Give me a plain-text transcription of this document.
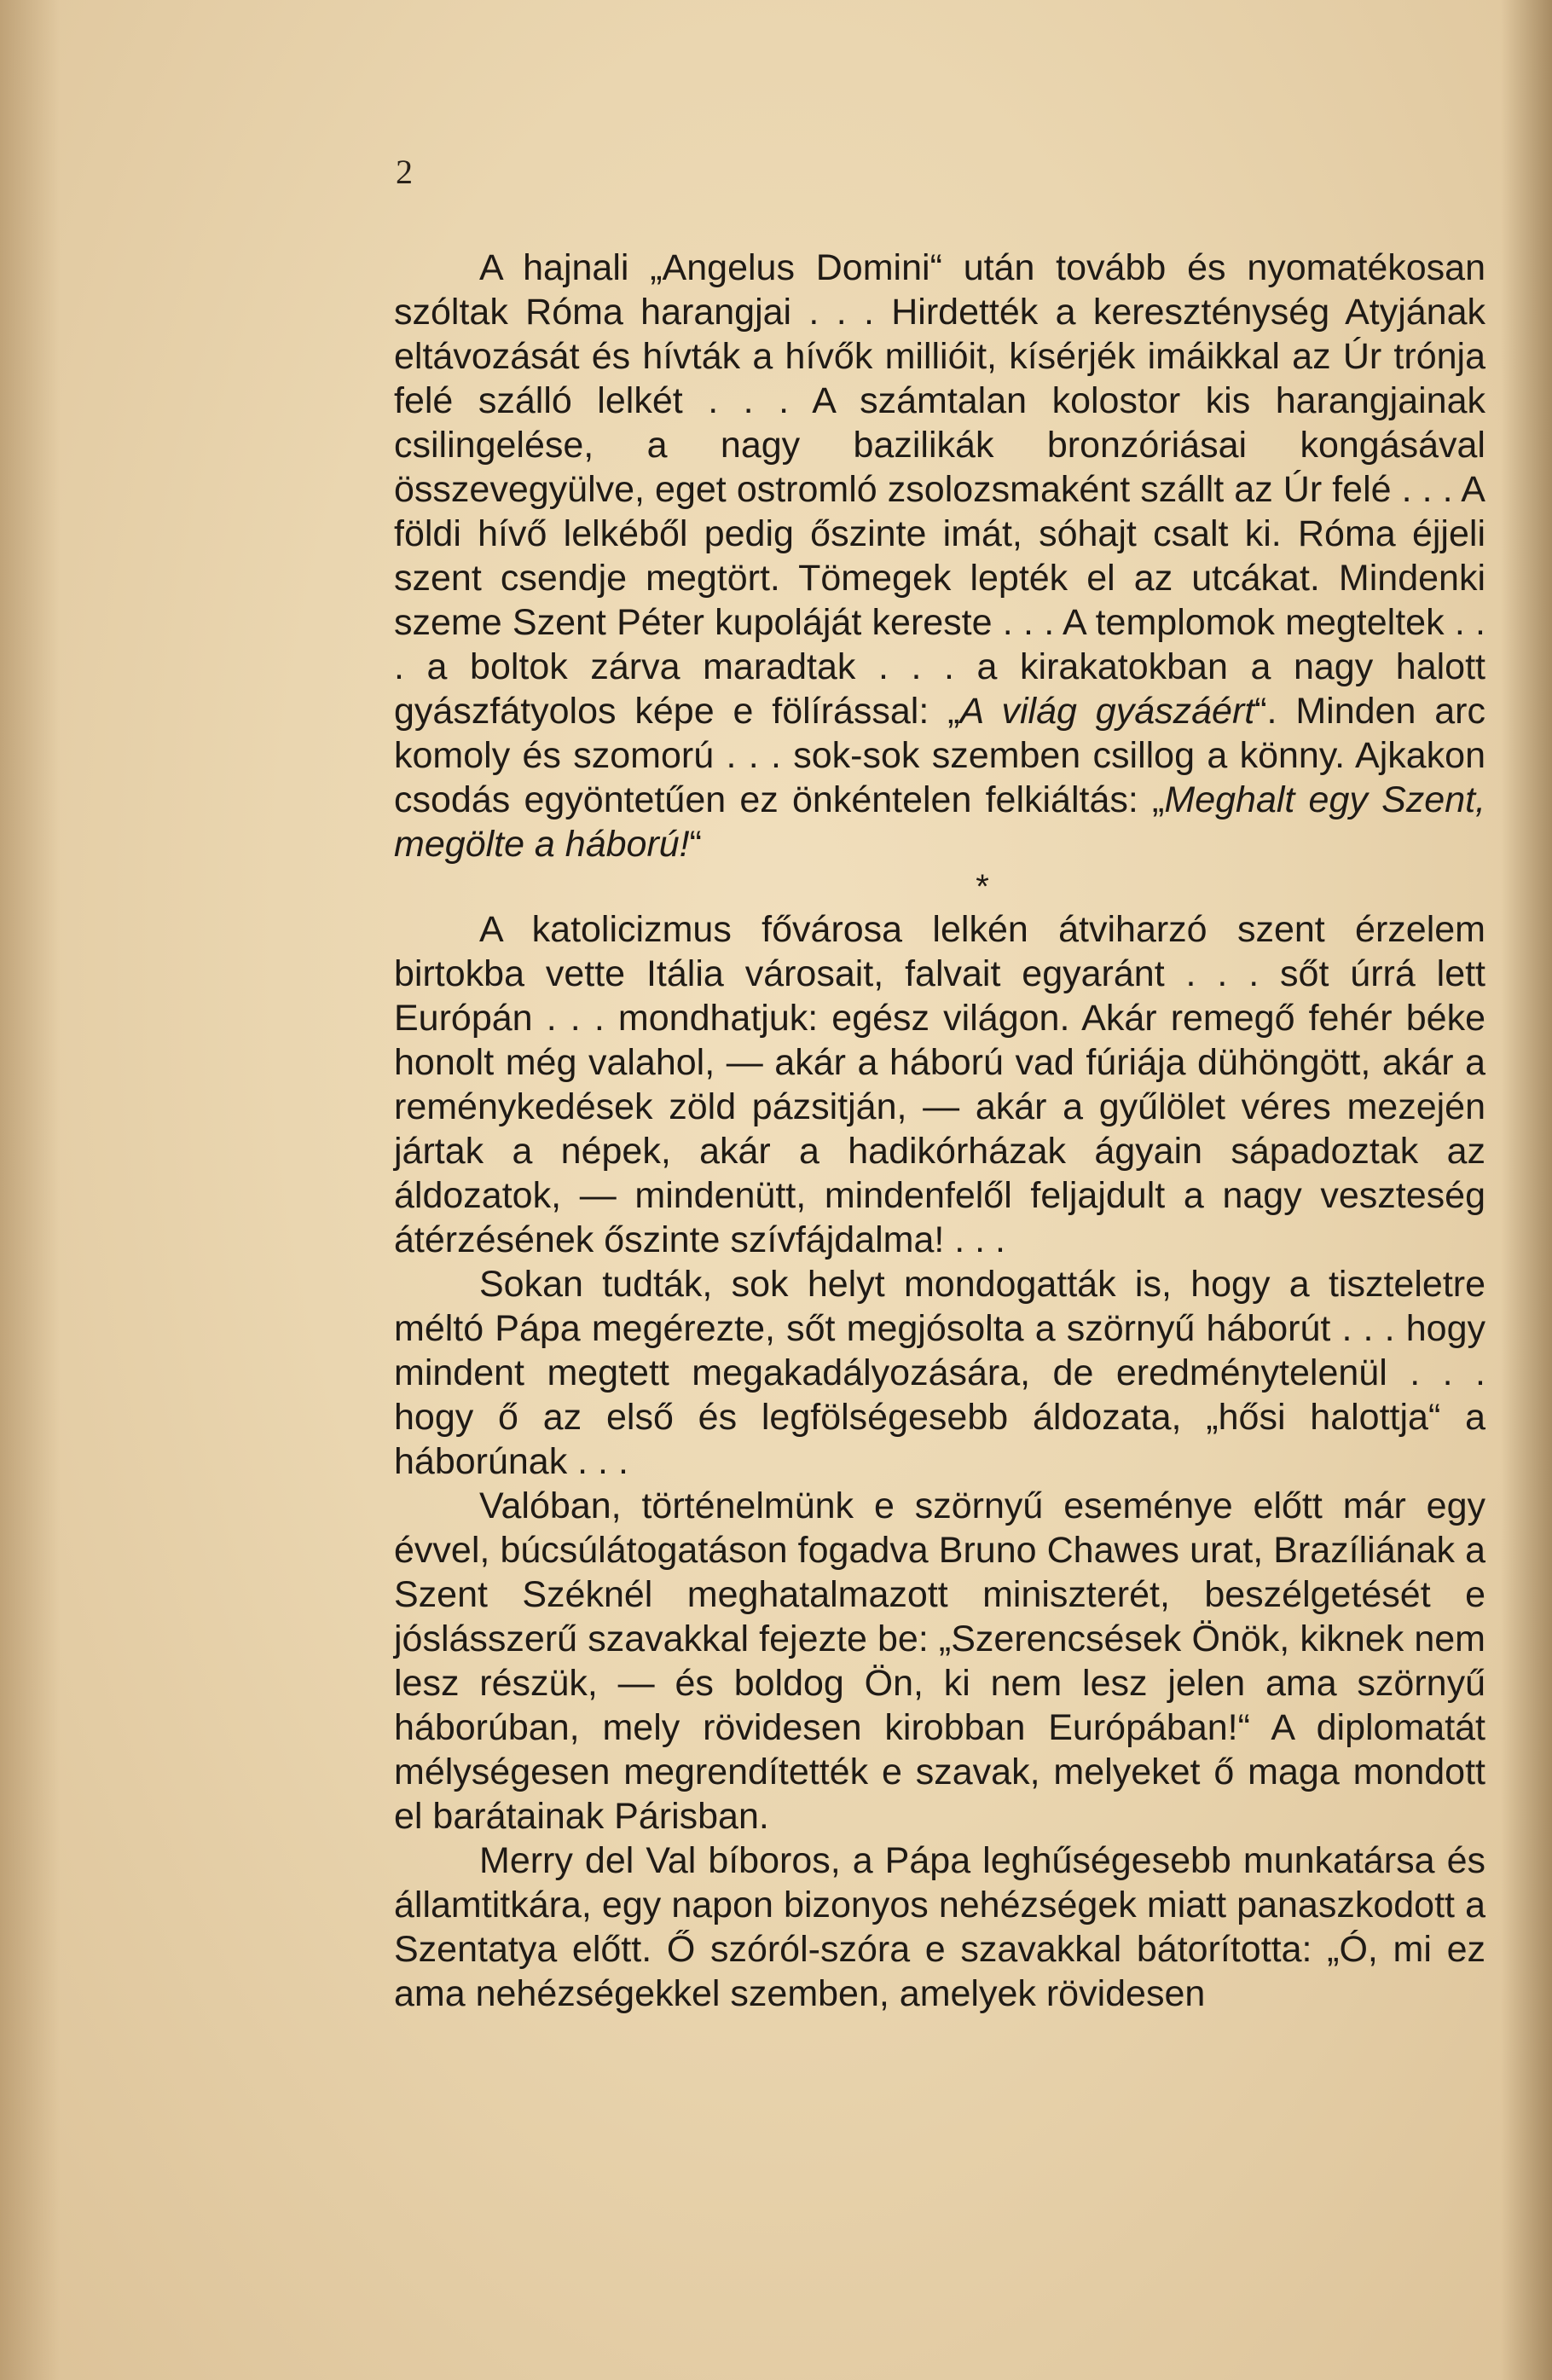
2

A hajnali „Angelus Domini“ után tovább és nyomatékosan szóltak Róma harangjai . . . Hirdették a kereszténység Atyjának eltávozását és hívták a hívők millióit, kísérjék imáikkal az Úr trónja felé szálló lelkét . . . A számtalan kolostor kis harangjainak csilingelése, a nagy bazilikák bronzóriásai kongásával összevegyülve, eget ostromló zsolozsmaként szállt az Úr felé . . . A földi hívő lelkéből pedig őszinte imát, sóhajt csalt ki. Róma éjjeli szent csendje megtört. Tömegek lepték el az utcákat. Mindenki szeme Szent Péter kupoláját kereste . . . A templomok megteltek . . . a boltok zárva maradtak . . . a kirakatokban a nagy halott gyászfátyolos képe e fölírással: „A világ gyászáért“. Minden arc komoly és szomorú . . . sok-sok szemben csillog a könny. Ajkakon csodás egyöntetűen ez önkéntelen felkiáltás: „Meghalt egy Szent, megölte a háború!“

*

A katolicizmus fővárosa lelkén átviharzó szent érzelem birtokba vette Itália városait, falvait egyaránt . . . sőt úrrá lett Európán . . . mondhatjuk: egész világon. Akár remegő fehér béke honolt még valahol, — akár a háború vad fúriája dühöngött, akár a reménykedések zöld pázsitján, — akár a gyűlölet véres mezején jártak a népek, akár a hadikórházak ágyain sápadoztak az áldozatok, — mindenütt, mindenfelől feljajdult a nagy veszteség átérzésének őszinte szívfájdalma! . . .

Sokan tudták, sok helyt mondogatták is, hogy a tiszteletre méltó Pápa megérezte, sőt megjósolta a szörnyű háborút . . . hogy mindent megtett megakadályozására, de eredménytelenül . . . hogy ő az első és legfölségesebb áldozata, „hősi halottja“ a háborúnak . . .

Valóban, történelmünk e szörnyű eseménye előtt már egy évvel, búcsúlátogatáson fogadva Bruno Chawes urat, Brazíliának a Szent Széknél meghatalmazott miniszterét, beszélgetését e jóslásszerű szavakkal fejezte be: „Szerencsések Önök, kiknek nem lesz részük, — és boldog Ön, ki nem lesz jelen ama szörnyű háborúban, mely rövidesen kirobban Európában!“ A diplomatát mélységesen megrendítették e szavak, melyeket ő maga mondott el barátainak Párisban.

Merry del Val bíboros, a Pápa leghűségesebb munkatársa és államtitkára, egy napon bizonyos nehézségek miatt panaszkodott a Szentatya előtt. Ő szóról-szóra e szavakkal bátorította: „Ó, mi ez ama nehézségekkel szemben, amelyek rövidesen
